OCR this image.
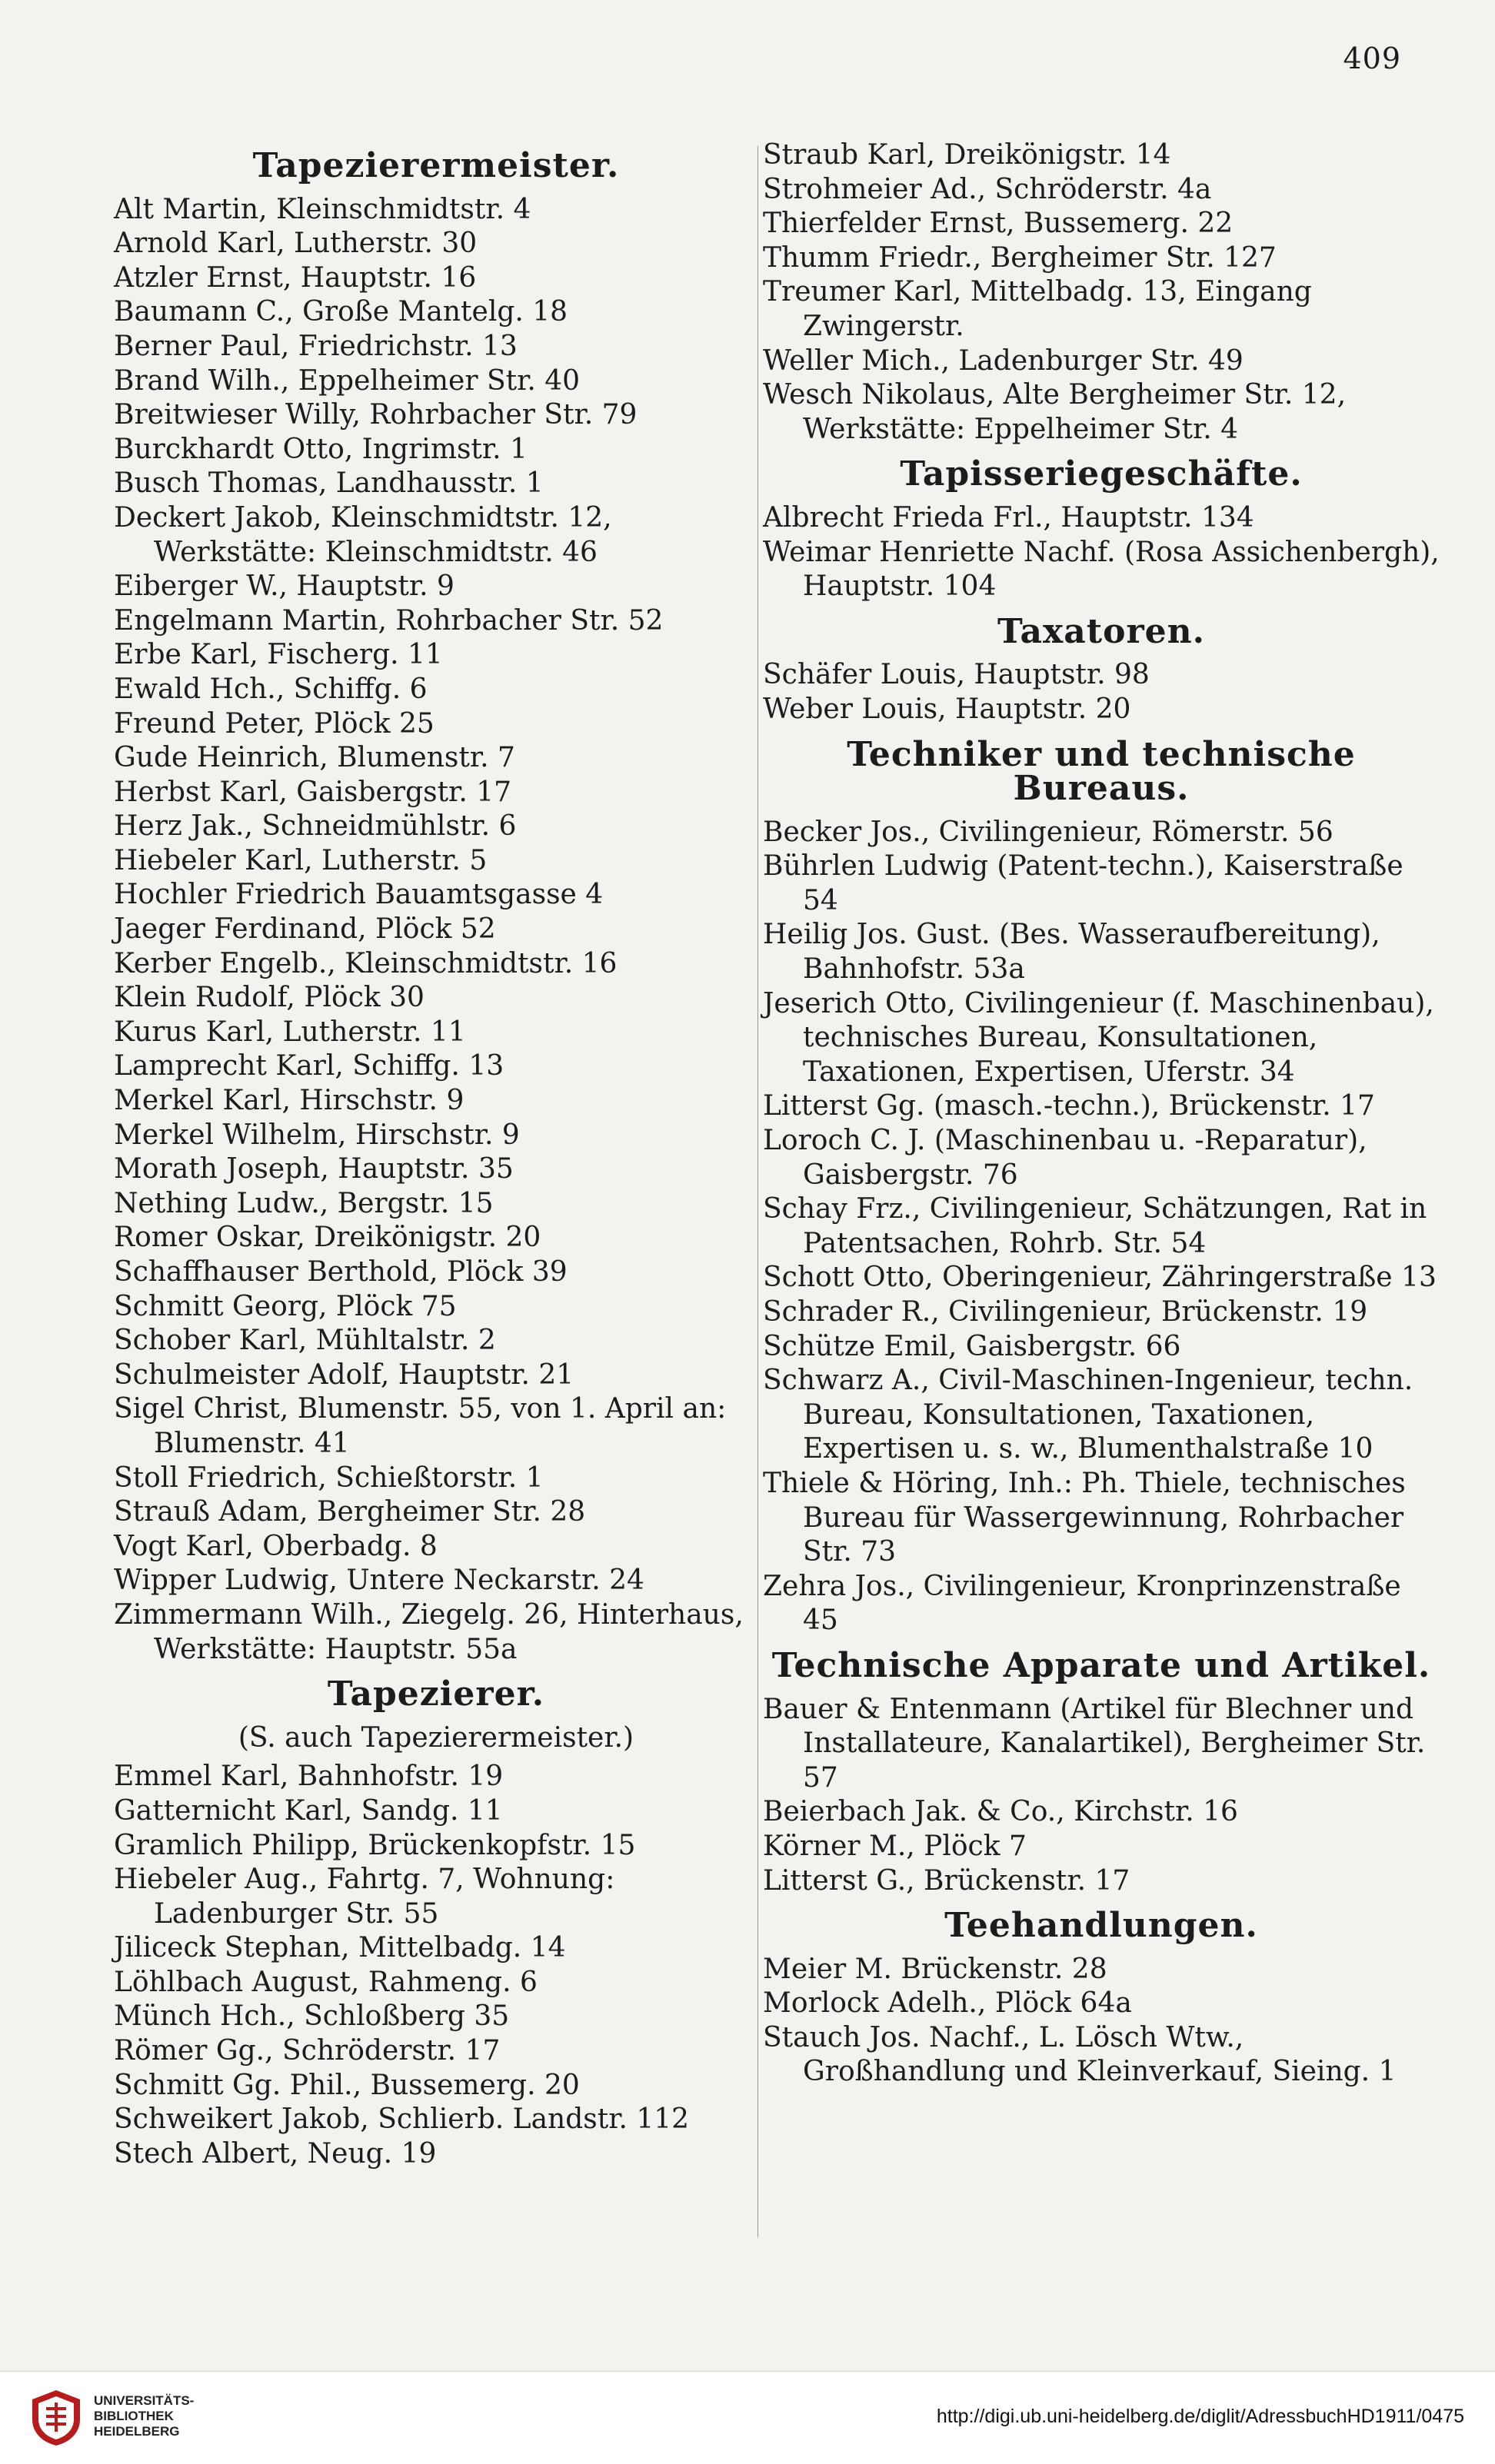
409
Tapezierermeister.
Alt Martin, Kleinschmidtstr. 4
Arnold Karl, Lutherstr. 30
Atzler Ernst, Hauptstr. 16
Baumann C., Große Mantelg. 18
Berner Paul, Friedrichstr. 13
Brand Wilh., Eppelheimer Str. 40
Breitwieser Willy, Rohrbacher Str. 79
Burckhardt Otto, Ingrimstr. 1
Busch Thomas, Landhausstr. 1
Deckert Jakob, Kleinschmidtstr. 12, Werkstätte: Kleinschmidtstr. 46
Eiberger W., Hauptstr. 9
Engelmann Martin, Rohrbacher Str. 52
Erbe Karl, Fischerg. 11
Ewald Hch., Schiffg. 6
Freund Peter, Plöck 25
Gude Heinrich, Blumenstr. 7
Herbst Karl, Gaisbergstr. 17
Herz Jak., Schneidmühlstr. 6
Hiebeler Karl, Lutherstr. 5
Hochler Friedrich Bauamtsgasse 4
Jaeger Ferdinand, Plöck 52
Kerber Engelb., Kleinschmidtstr. 16
Klein Rudolf, Plöck 30
Kurus Karl, Lutherstr. 11
Lamprecht Karl, Schiffg. 13
Merkel Karl, Hirschstr. 9
Merkel Wilhelm, Hirschstr. 9
Morath Joseph, Hauptstr. 35
Nething Ludw., Bergstr. 15
Romer Oskar, Dreikönigstr. 20
Schaffhauser Berthold, Plöck 39
Schmitt Georg, Plöck 75
Schober Karl, Mühltalstr. 2
Schulmeister Adolf, Hauptstr. 21
Sigel Christ, Blumenstr. 55, von 1. April an: Blumenstr. 41
Stoll Friedrich, Schießtorstr. 1
Strauß Adam, Bergheimer Str. 28
Vogt Karl, Oberbadg. 8
Wipper Ludwig, Untere Neckarstr. 24
Zimmermann Wilh., Ziegelg. 26, Hinterhaus, Werkstätte: Hauptstr. 55a
Tapezierer.
(S. auch Tapezierermeister.)
Emmel Karl, Bahnhofstr. 19
Gatternicht Karl, Sandg. 11
Gramlich Philipp, Brückenkopfstr. 15
Hiebeler Aug., Fahrtg. 7, Wohnung: Ladenburger Str. 55
Jiliceck Stephan, Mittelbadg. 14
Löhlbach August, Rahmeng. 6
Münch Hch., Schloßberg 35
Römer Gg., Schröderstr. 17
Schmitt Gg. Phil., Bussemerg. 20
Schweikert Jakob, Schlierb. Landstr. 112
Stech Albert, Neug. 19
Straub Karl, Dreikönigstr. 14
Strohmeier Ad., Schröderstr. 4a
Thierfelder Ernst, Bussemerg. 22
Thumm Friedr., Bergheimer Str. 127
Treumer Karl, Mittelbadg. 13, Eingang Zwingerstr.
Weller Mich., Ladenburger Str. 49
Wesch Nikolaus, Alte Bergheimer Str. 12, Werkstätte: Eppelheimer Str. 4
Tapisseriegeschäfte.
Albrecht Frieda Frl., Hauptstr. 134
Weimar Henriette Nachf. (Rosa Assichenbergh), Hauptstr. 104
Taxatoren.
Schäfer Louis, Hauptstr. 98
Weber Louis, Hauptstr. 20
Techniker und technische Bureaus.
Becker Jos., Civilingenieur, Römerstr. 56
Bührlen Ludwig (Patent-techn.), Kaiserstraße 54
Heilig Jos. Gust. (Bes. Wasseraufbereitung), Bahnhofstr. 53a
Jeserich Otto, Civilingenieur (f. Maschinenbau), technisches Bureau, Konsultationen, Taxationen, Expertisen, Uferstr. 34
Litterst Gg. (masch.-techn.), Brückenstr. 17
Loroch C. J. (Maschinenbau u. -Reparatur), Gaisbergstr. 76
Schay Frz., Civilingenieur, Schätzungen, Rat in Patentsachen, Rohrb. Str. 54
Schott Otto, Oberingenieur, Zähringerstraße 13
Schrader R., Civilingenieur, Brückenstr. 19
Schütze Emil, Gaisbergstr. 66
Schwarz A., Civil-Maschinen-Ingenieur, techn. Bureau, Konsultationen, Taxationen, Expertisen u. s. w., Blumenthalstraße 10
Thiele & Höring, Inh.: Ph. Thiele, technisches Bureau für Wassergewinnung, Rohrbacher Str. 73
Zehra Jos., Civilingenieur, Kronprinzenstraße 45
Technische Apparate und Artikel.
Bauer & Entenmann (Artikel für Blechner und Installateure, Kanalartikel), Bergheimer Str. 57
Beierbach Jak. & Co., Kirchstr. 16
Körner M., Plöck 7
Litterst G., Brückenstr. 17
Teehandlungen.
Meier M. Brückenstr. 28
Morlock Adelh., Plöck 64a
Stauch Jos. Nachf., L. Lösch Wtw., Großhandlung und Kleinverkauf, Sieing. 1
UNIVERSITÄTS-
BIBLIOTHEK
HEIDELBERG
http://digi.ub.uni-heidelberg.de/diglit/AdressbuchHD1911/0475
